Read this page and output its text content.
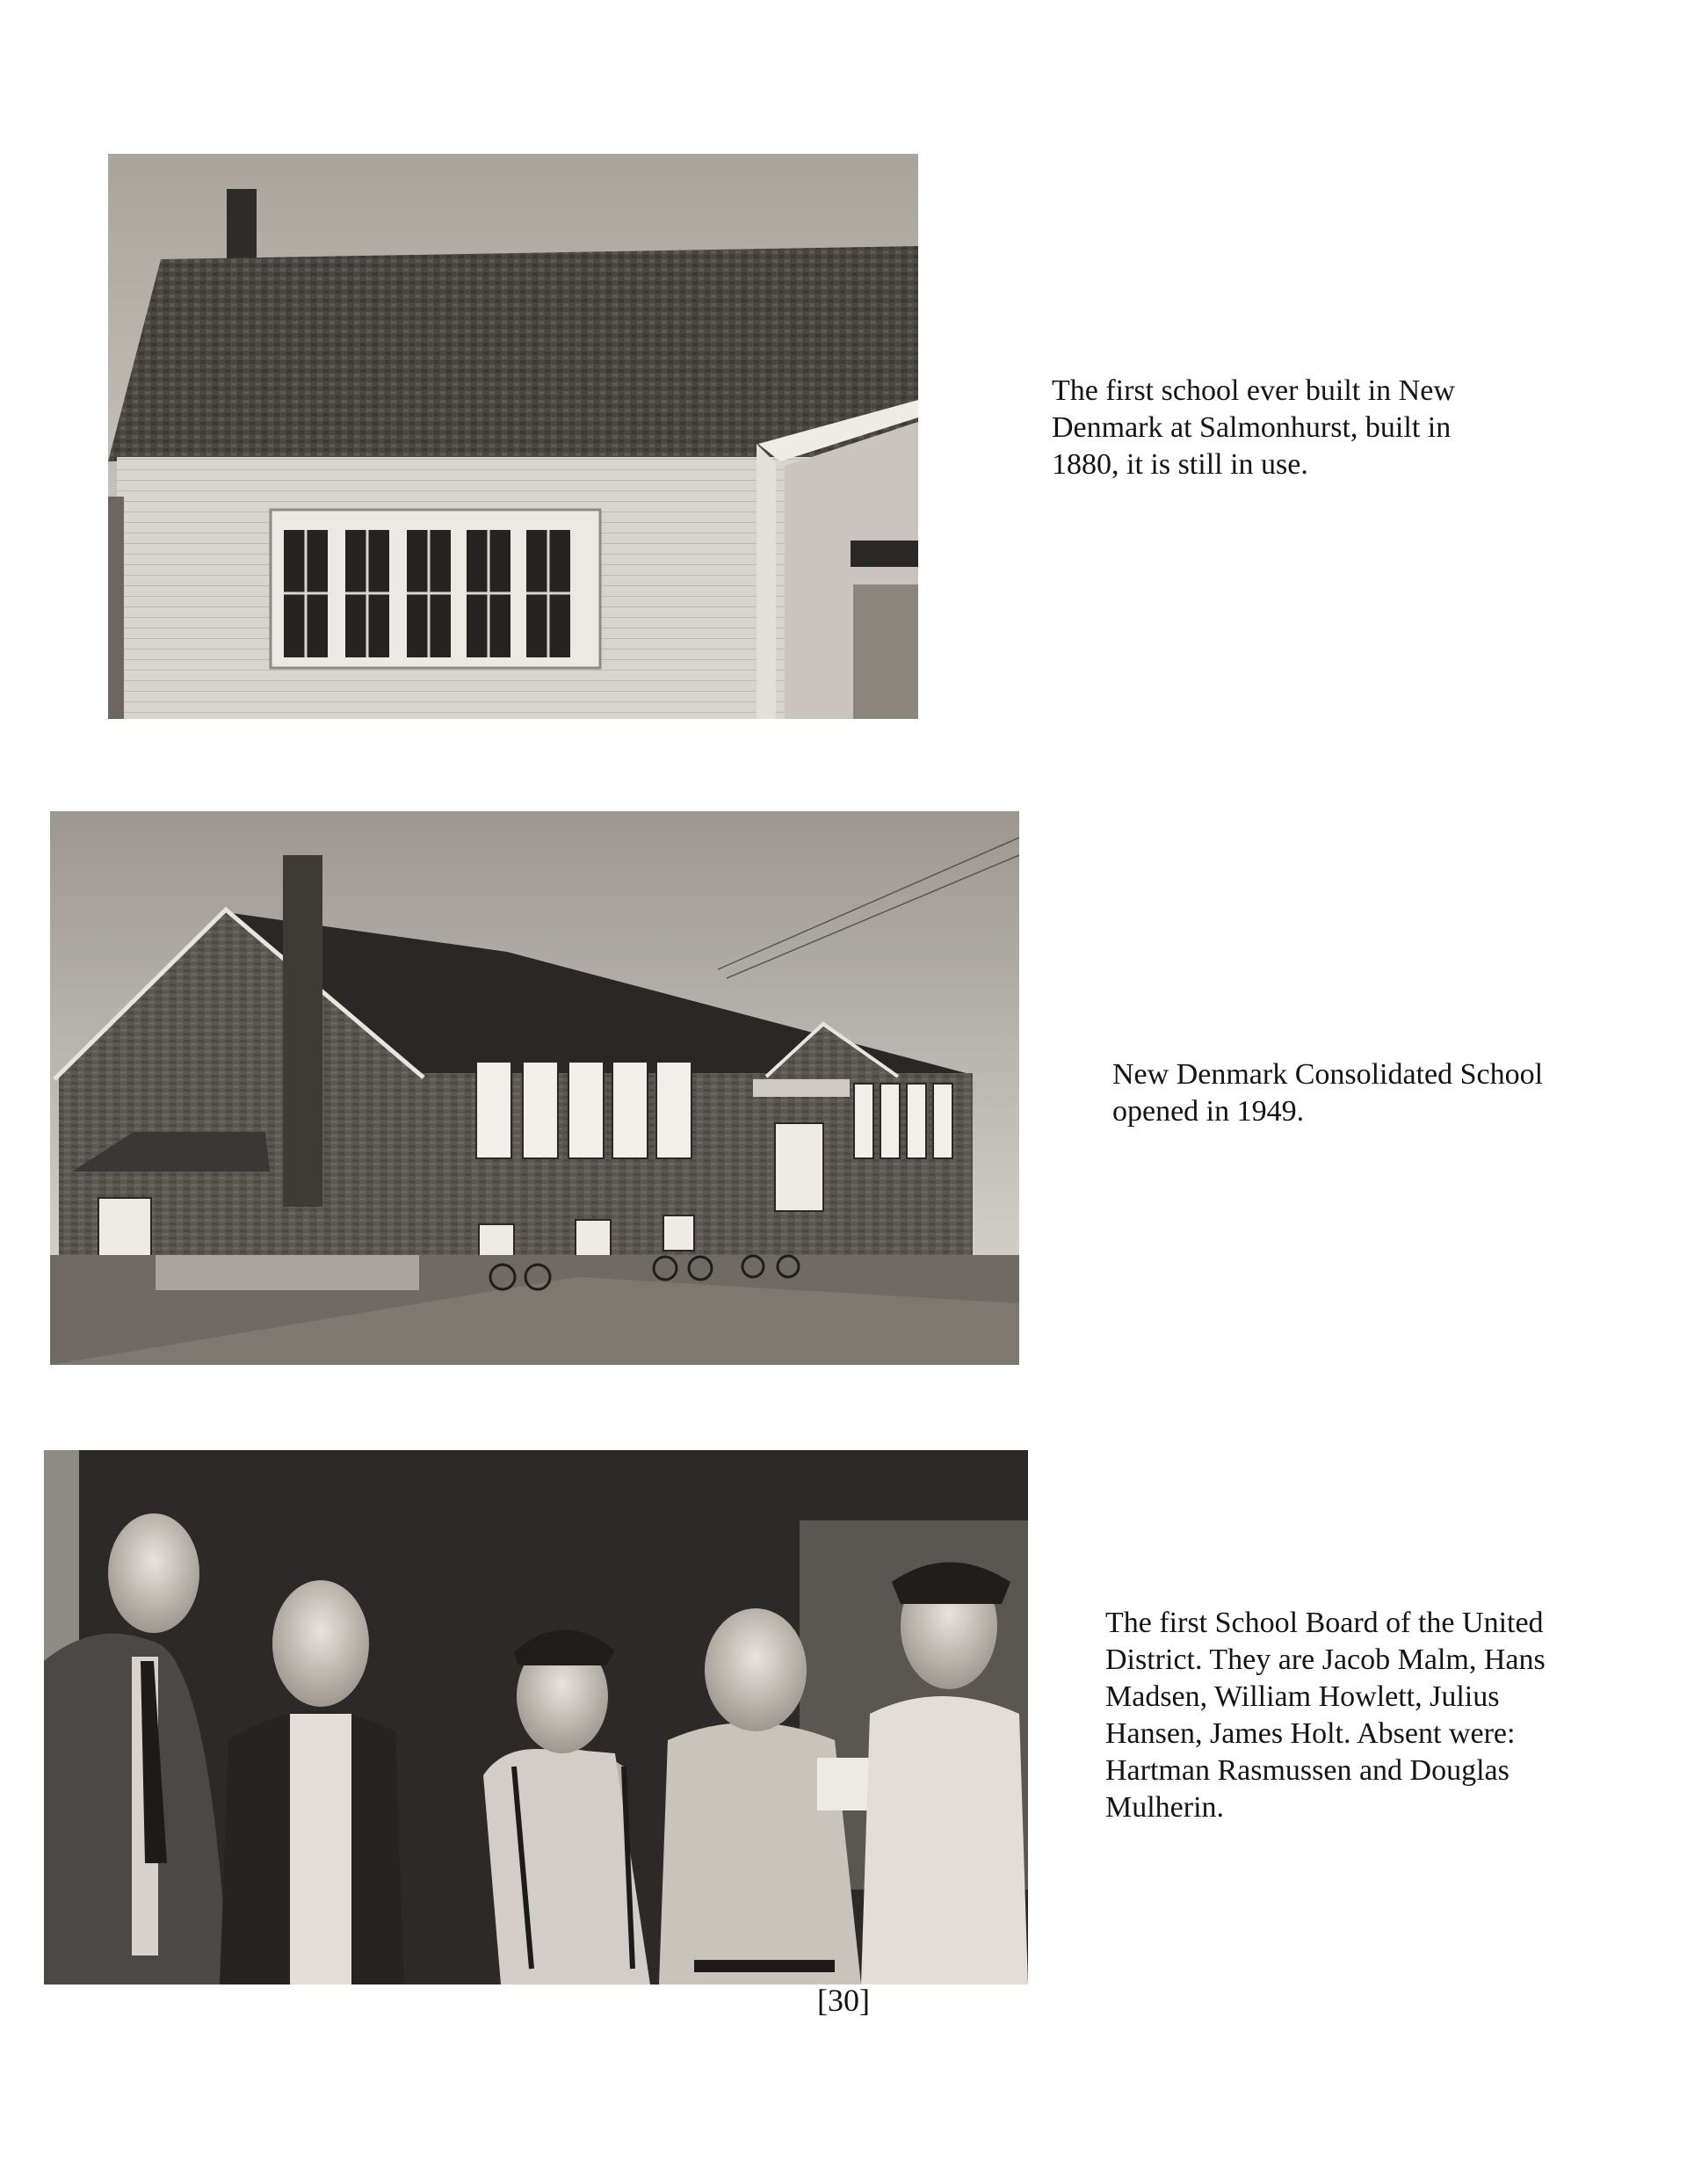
The first school ever built in New
Denmark at Salmonhurst, built in
1880, it is still in use.
New Denmark Consolidated School
opened in 1949.
The first School Board of the United
District. They are Jacob Malm, Hans
Madsen, William Howlett, Julius
Hansen, James Holt. Absent were:
Hartman Rasmussen and Douglas
Mulherin.
[30]
